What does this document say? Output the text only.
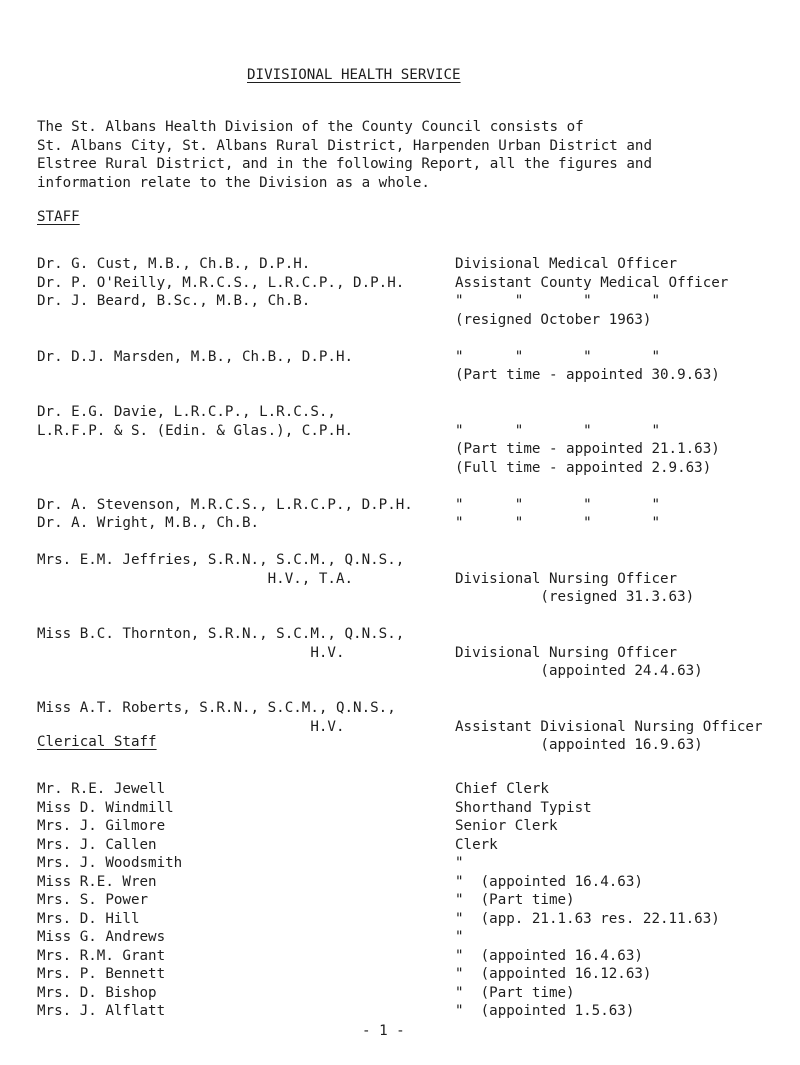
DIVISIONAL HEALTH SERVICE
The St. Albans Health Division of the County Council consists of
St. Albans City, St. Albans Rural District, Harpenden Urban District and
Elstree Rural District, and in the following Report, all the figures and
information relate to the Division as a whole.
STAFF
Dr. G. Cust, M.B., Ch.B., D.P.H.
Dr. P. O'Reilly, M.R.C.S., L.R.C.P., D.P.H.
Dr. J. Beard, B.Sc., M.B., Ch.B.
Dr. D.J. Marsden, M.B., Ch.B., D.P.H.
Dr. E.G. Davie, L.R.C.P., L.R.C.S.,
L.R.F.P. & S. (Edin. & Glas.), C.P.H.
Dr. A. Stevenson, M.R.C.S., L.R.C.P., D.P.H.
Dr. A. Wright, M.B., Ch.B.
Mrs. E.M. Jeffries, S.R.N., S.C.M., Q.N.S.,
H.V., T.A.
Miss B.C. Thornton, S.R.N., S.C.M., Q.N.S.,
H.V.
Miss A.T. Roberts, S.R.N., S.C.M., Q.N.S.,
H.V.
Divisional Medical Officer
Assistant County Medical Officer
"      "       "       "
(resigned October 1963)
"      "       "       "
(Part time - appointed 30.9.63)
"      "       "       "
(Part time - appointed 21.1.63)
(Full time - appointed 2.9.63)
"      "       "       "
"      "       "       "
Divisional Nursing Officer
(resigned 31.3.63)
Divisional Nursing Officer
(appointed 24.4.63)
Assistant Divisional Nursing Officer
(appointed 16.9.63)
Clerical Staff
Mr. R.E. Jewell
Miss D. Windmill
Mrs. J. Gilmore
Mrs. J. Callen
Mrs. J. Woodsmith
Miss R.E. Wren
Mrs. S. Power
Mrs. D. Hill
Miss G. Andrews
Mrs. R.M. Grant
Mrs. P. Bennett
Mrs. D. Bishop
Mrs. J. Alflatt
Chief Clerk
Shorthand Typist
Senior Clerk
Clerk
"
"  (appointed 16.4.63)
"  (Part time)
"  (app. 21.1.63 res. 22.11.63)
"
"  (appointed 16.4.63)
"  (appointed 16.12.63)
"  (Part time)
"  (appointed 1.5.63)
- 1 -
